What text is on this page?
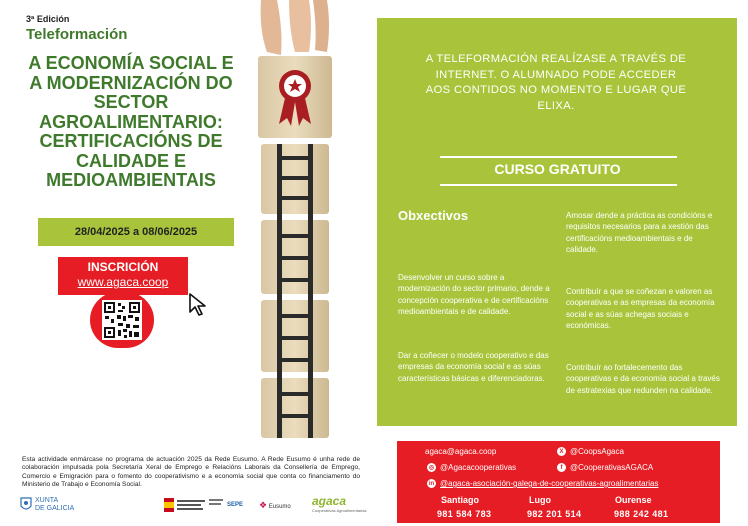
3ª Edición
Teleformación
A ECONOMÍA SOCIAL E A MODERNIZACIÓN DO SECTOR AGROALIMENTARIO: CERTIFICACIÓNS DE CALIDADE E MEDIOAMBIENTAIS
28/04/2025 a 08/06/2025
INSCRICIÓN
www.agaca.coop
Esta actividade enmárcase no programa de actuación 2025 da Rede Eusumo. A Rede Eusumo é unha rede de colaboración impulsada pola Secretaría Xeral de Emprego e Relacións Laborais da Consellería de Emprego, Comercio e Emigración para o fomento do cooperativismo e a economía social que conta co financiamento do Ministerio de Trabajo e Economía Social.
XUNTA
DE GALICIA	SEPE ❖ Eusumo agaca
Cooperativas Agroalimentarias
A TELEFORMACIÓN REALÍZASE A TRAVÉS DE INTERNET. O ALUMNADO PODE ACCEDER AOS CONTIDOS NO MOMENTO E LUGAR QUE ELIXA.
CURSO GRATUITO
Obxectivos
Desenvolver un curso sobre a modernización do sector primario, dende a concepción cooperativa e de certificacións medioambientais e de calidade.
Dar a coñecer o modelo cooperativo e das empresas da economía social e as súas características básicas e diferenciadoras.
Amosar dende a práctica as condicións e requisitos necesarios para a xestión das certificacións medioambientais e de calidade.
Contribuír a que se coñezan e valoren as cooperativas e as empresas da economía social e as súas achegas sociais e económicas.
Contribuír ao fortalecemento das cooperativas e da economía social a través de estratexias que redunden na calidade.
agaca@agaca.coop	X @CoopsAgaca
◎ @Agacacooperativas	f @CooperativasAGACA
in @agaca-asociación-galega-de-cooperativas-agroalimentarias
Santiago
981 584 783
Lugo
982 201 514
Ourense
988 242 481
